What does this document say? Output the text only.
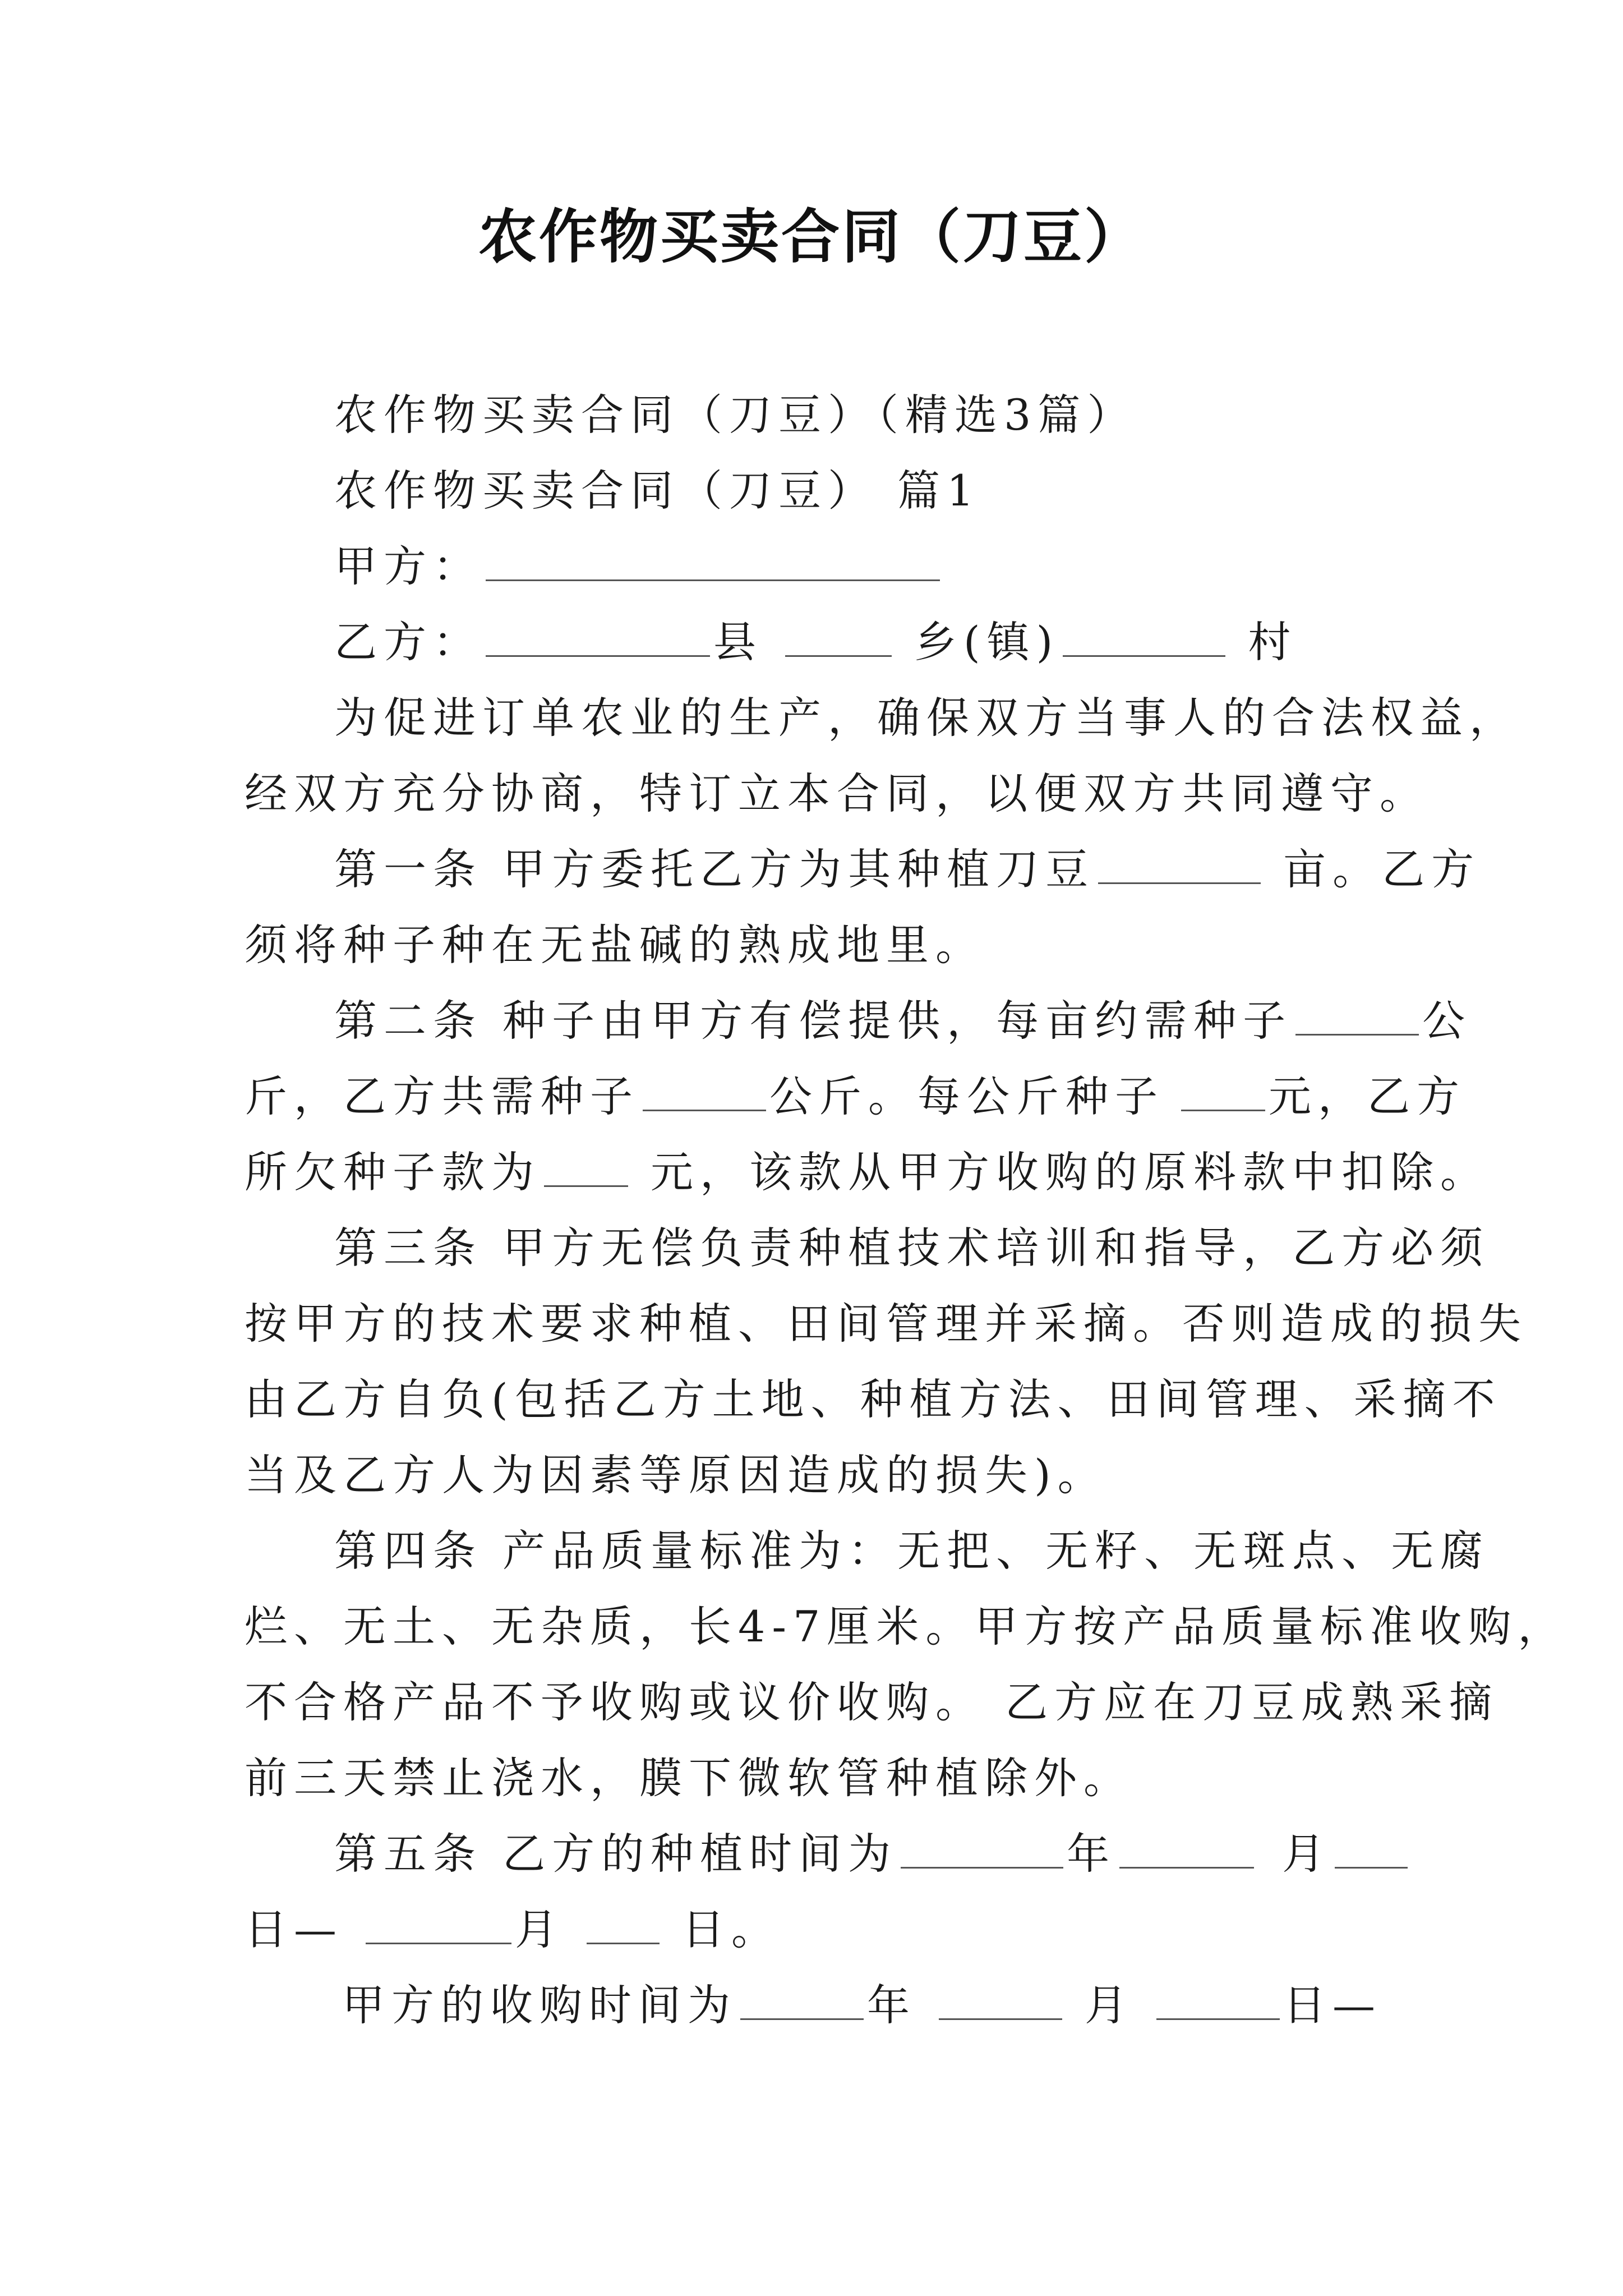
农作物买卖合同（刀豆）
农作物买卖合同（刀豆）（精选3篇）
农作物买卖合同（刀豆） 篇1
甲方：
乙方：	县	乡(镇)	村
为促进订单农业的生产，确保双方当事人的合法权益，
经双方充分协商，特订立本合同，以便双方共同遵守。
第一条 甲方委托乙方为其种植刀豆	亩。乙方
须将种子种在无盐碱的熟成地里。
第二条 种子由甲方有偿提供，每亩约需种子	公
斤，乙方共需种子	公斤。每公斤种子 元，乙方
所欠种子款为	元，该款从甲方收购的原料款中扣除。
第三条 甲方无偿负责种植技术培训和指导，乙方必须
按甲方的技术要求种植、田间管理并采摘。否则造成的损失
由乙方自负(包括乙方土地、种植方法、田间管理、采摘不
当及乙方人为因素等原因造成的损失)。
第四条 产品质量标准为：无把、无籽、无斑点、无腐
烂、无土、无杂质，长4-7厘米。甲方按产品质量标准收购，
不合格产品不予收购或议价收购。 乙方应在刀豆成熟采摘
前三天禁止浇水，膜下微软管种植除外。
第五条 乙方的种植时间为	年	月
日—	月	日。
甲方的收购时间为	年	月	日—
